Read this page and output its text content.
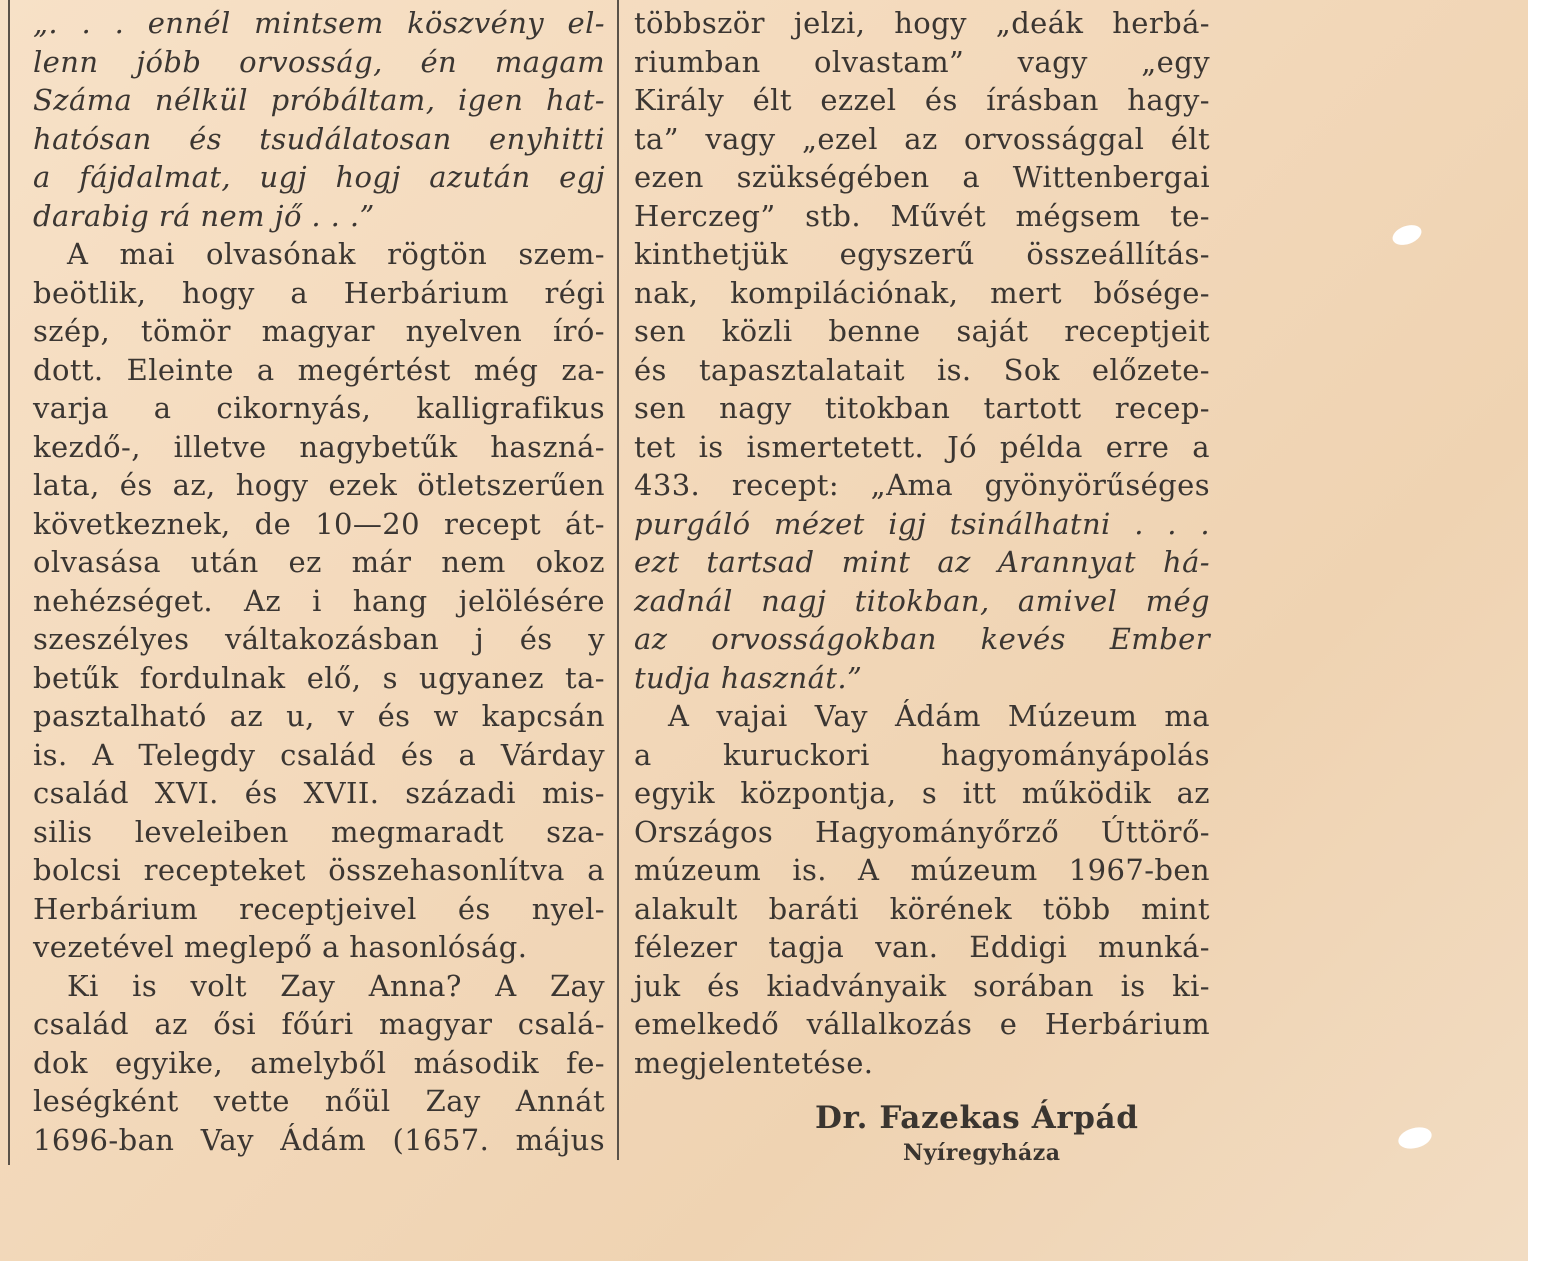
„. . . ennél mintsem köszvény el-
lenn jóbb orvosság, én magam
Száma nélkül próbáltam, igen hat-
hatósan és tsudálatosan enyhitti
a fájdalmat, ugj hogj azután egj
darabig rá nem jő . . .”
A mai olvasónak rögtön szem-
beötlik, hogy a Herbárium régi
szép, tömör magyar nyelven író-
dott. Eleinte a megértést még za-
varja a cikornyás, kalligrafikus
kezdő-, illetve nagybetűk haszná-
lata, és az, hogy ezek ötletszerűen
következnek, de 10—20 recept át-
olvasása után ez már nem okoz
nehézséget. Az i hang jelölésére
szeszélyes váltakozásban j és y
betűk fordulnak elő, s ugyanez ta-
pasztalható az u, v és w kapcsán
is. A Telegdy család és a Várday
család XVI. és XVII. századi mis-
silis leveleiben megmaradt sza-
bolcsi recepteket összehasonlítva a
Herbárium receptjeivel és nyel-
vezetével meglepő a hasonlóság.
Ki is volt Zay Anna? A Zay
család az ősi főúri magyar csalá-
dok egyike, amelyből második fe-
leségként vette nőül Zay Annát
1696-ban Vay Ádám (1657. május
többször jelzi, hogy „deák herbá-
riumban olvastam” vagy „egy
Király élt ezzel és írásban hagy-
ta” vagy „ezel az orvossággal élt
ezen szükségében a Wittenbergai
Herczeg” stb. Művét mégsem te-
kinthetjük egyszerű összeállítás-
nak, kompilációnak, mert bősége-
sen közli benne saját receptjeit
és tapasztalatait is. Sok előzete-
sen nagy titokban tartott recep-
tet is ismertetett. Jó példa erre a
433. recept: „Ama gyönyörűséges
purgáló mézet igj tsinálhatni . . .
ezt tartsad mint az Arannyat há-
zadnál nagj titokban, amivel még
az orvosságokban kevés Ember
tudja hasznát.”
A vajai Vay Ádám Múzeum ma
a kuruckori hagyományápolás
egyik központja, s itt működik az
Országos Hagyományőrző Úttörő-
múzeum is. A múzeum 1967-ben
alakult baráti körének több mint
félezer tagja van. Eddigi munká-
juk és kiadványaik sorában is ki-
emelkedő vállalkozás e Herbárium
megjelentetése.
Dr. Fazekas Árpád
Nyíregyháza
